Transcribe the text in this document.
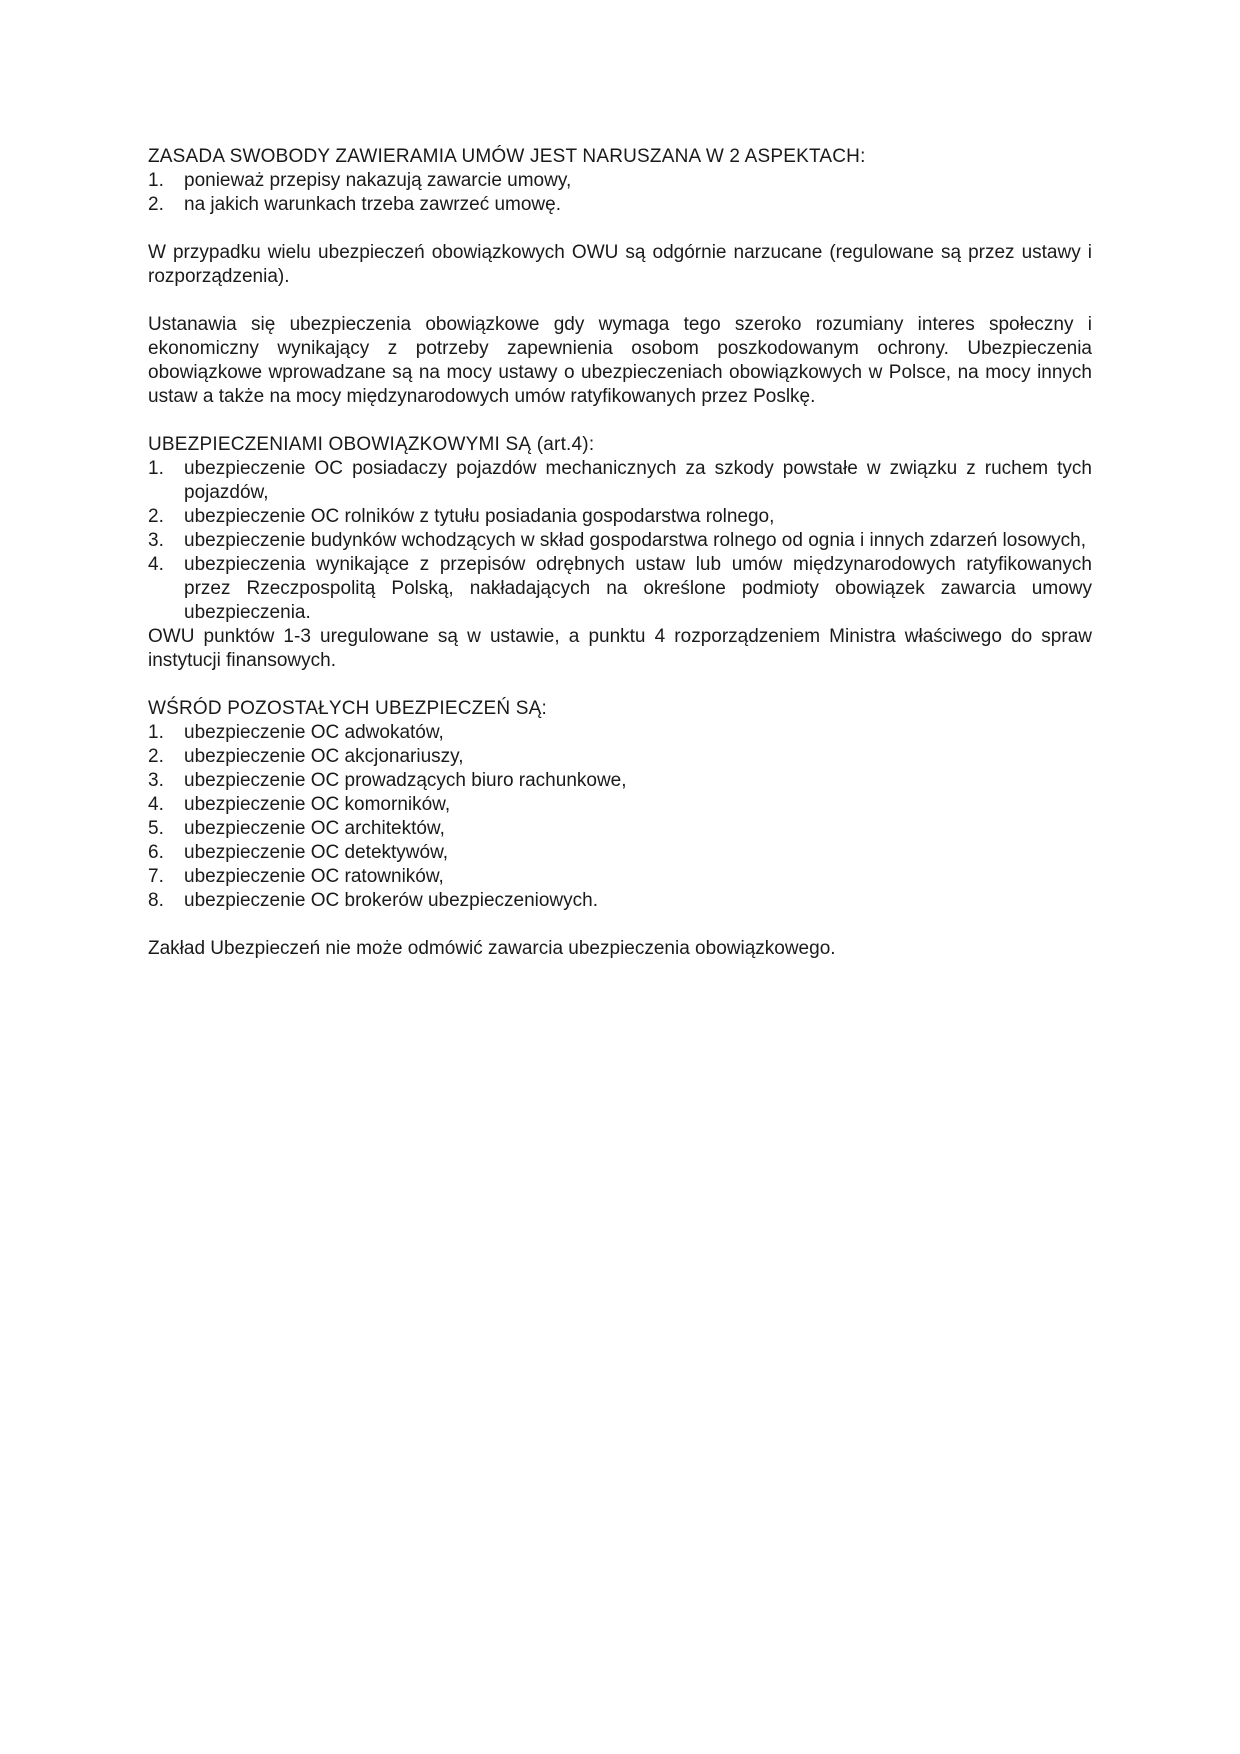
ZASADA SWOBODY ZAWIERAMIA UMÓW JEST NARUSZANA W 2 ASPEKTACH:

1. ponieważ przepisy nakazują zawarcie umowy,
2. na jakich warunkach trzeba zawrzeć umowę.

W przypadku wielu ubezpieczeń obowiązkowych OWU są odgórnie narzucane (regulowane są przez ustawy i rozporządzenia).

Ustanawia się ubezpieczenia obowiązkowe gdy wymaga tego szeroko rozumiany interes społeczny i ekonomiczny wynikający z potrzeby zapewnienia osobom poszkodowanym ochrony. Ubezpieczenia obowiązkowe wprowadzane są na mocy ustawy o ubezpieczeniach obowiązkowych w Polsce, na mocy innych ustaw a także na mocy międzynarodowych umów ratyfikowanych przez Poslkę.

UBEZPIECZENIAMI OBOWIĄZKOWYMI SĄ (art.4):

1. ubezpieczenie OC posiadaczy pojazdów mechanicznych za szkody powstałe w związku z ruchem tych pojazdów,
2. ubezpieczenie OC rolników z tytułu posiadania gospodarstwa rolnego,
3. ubezpieczenie budynków wchodzących w skład gospodarstwa rolnego od ognia i innych zdarzeń losowych,
4. ubezpieczenia wynikające z przepisów odrębnych ustaw lub umów międzynarodowych ratyfikowanych przez Rzeczpospolitą Polską, nakładających na określone podmioty obowiązek zawarcia umowy ubezpieczenia.

OWU punktów 1-3 uregulowane są w ustawie, a punktu 4 rozporządzeniem Ministra właściwego do spraw instytucji finansowych.

WŚRÓD POZOSTAŁYCH UBEZPIECZEŃ SĄ:

1. ubezpieczenie OC adwokatów,
2. ubezpieczenie OC akcjonariuszy,
3. ubezpieczenie OC prowadzących biuro rachunkowe,
4. ubezpieczenie OC komorników,
5. ubezpieczenie OC architektów,
6. ubezpieczenie OC detektywów,
7. ubezpieczenie OC ratowników,
8. ubezpieczenie OC brokerów ubezpieczeniowych.

Zakład Ubezpieczeń nie może odmówić zawarcia ubezpieczenia obowiązkowego.
